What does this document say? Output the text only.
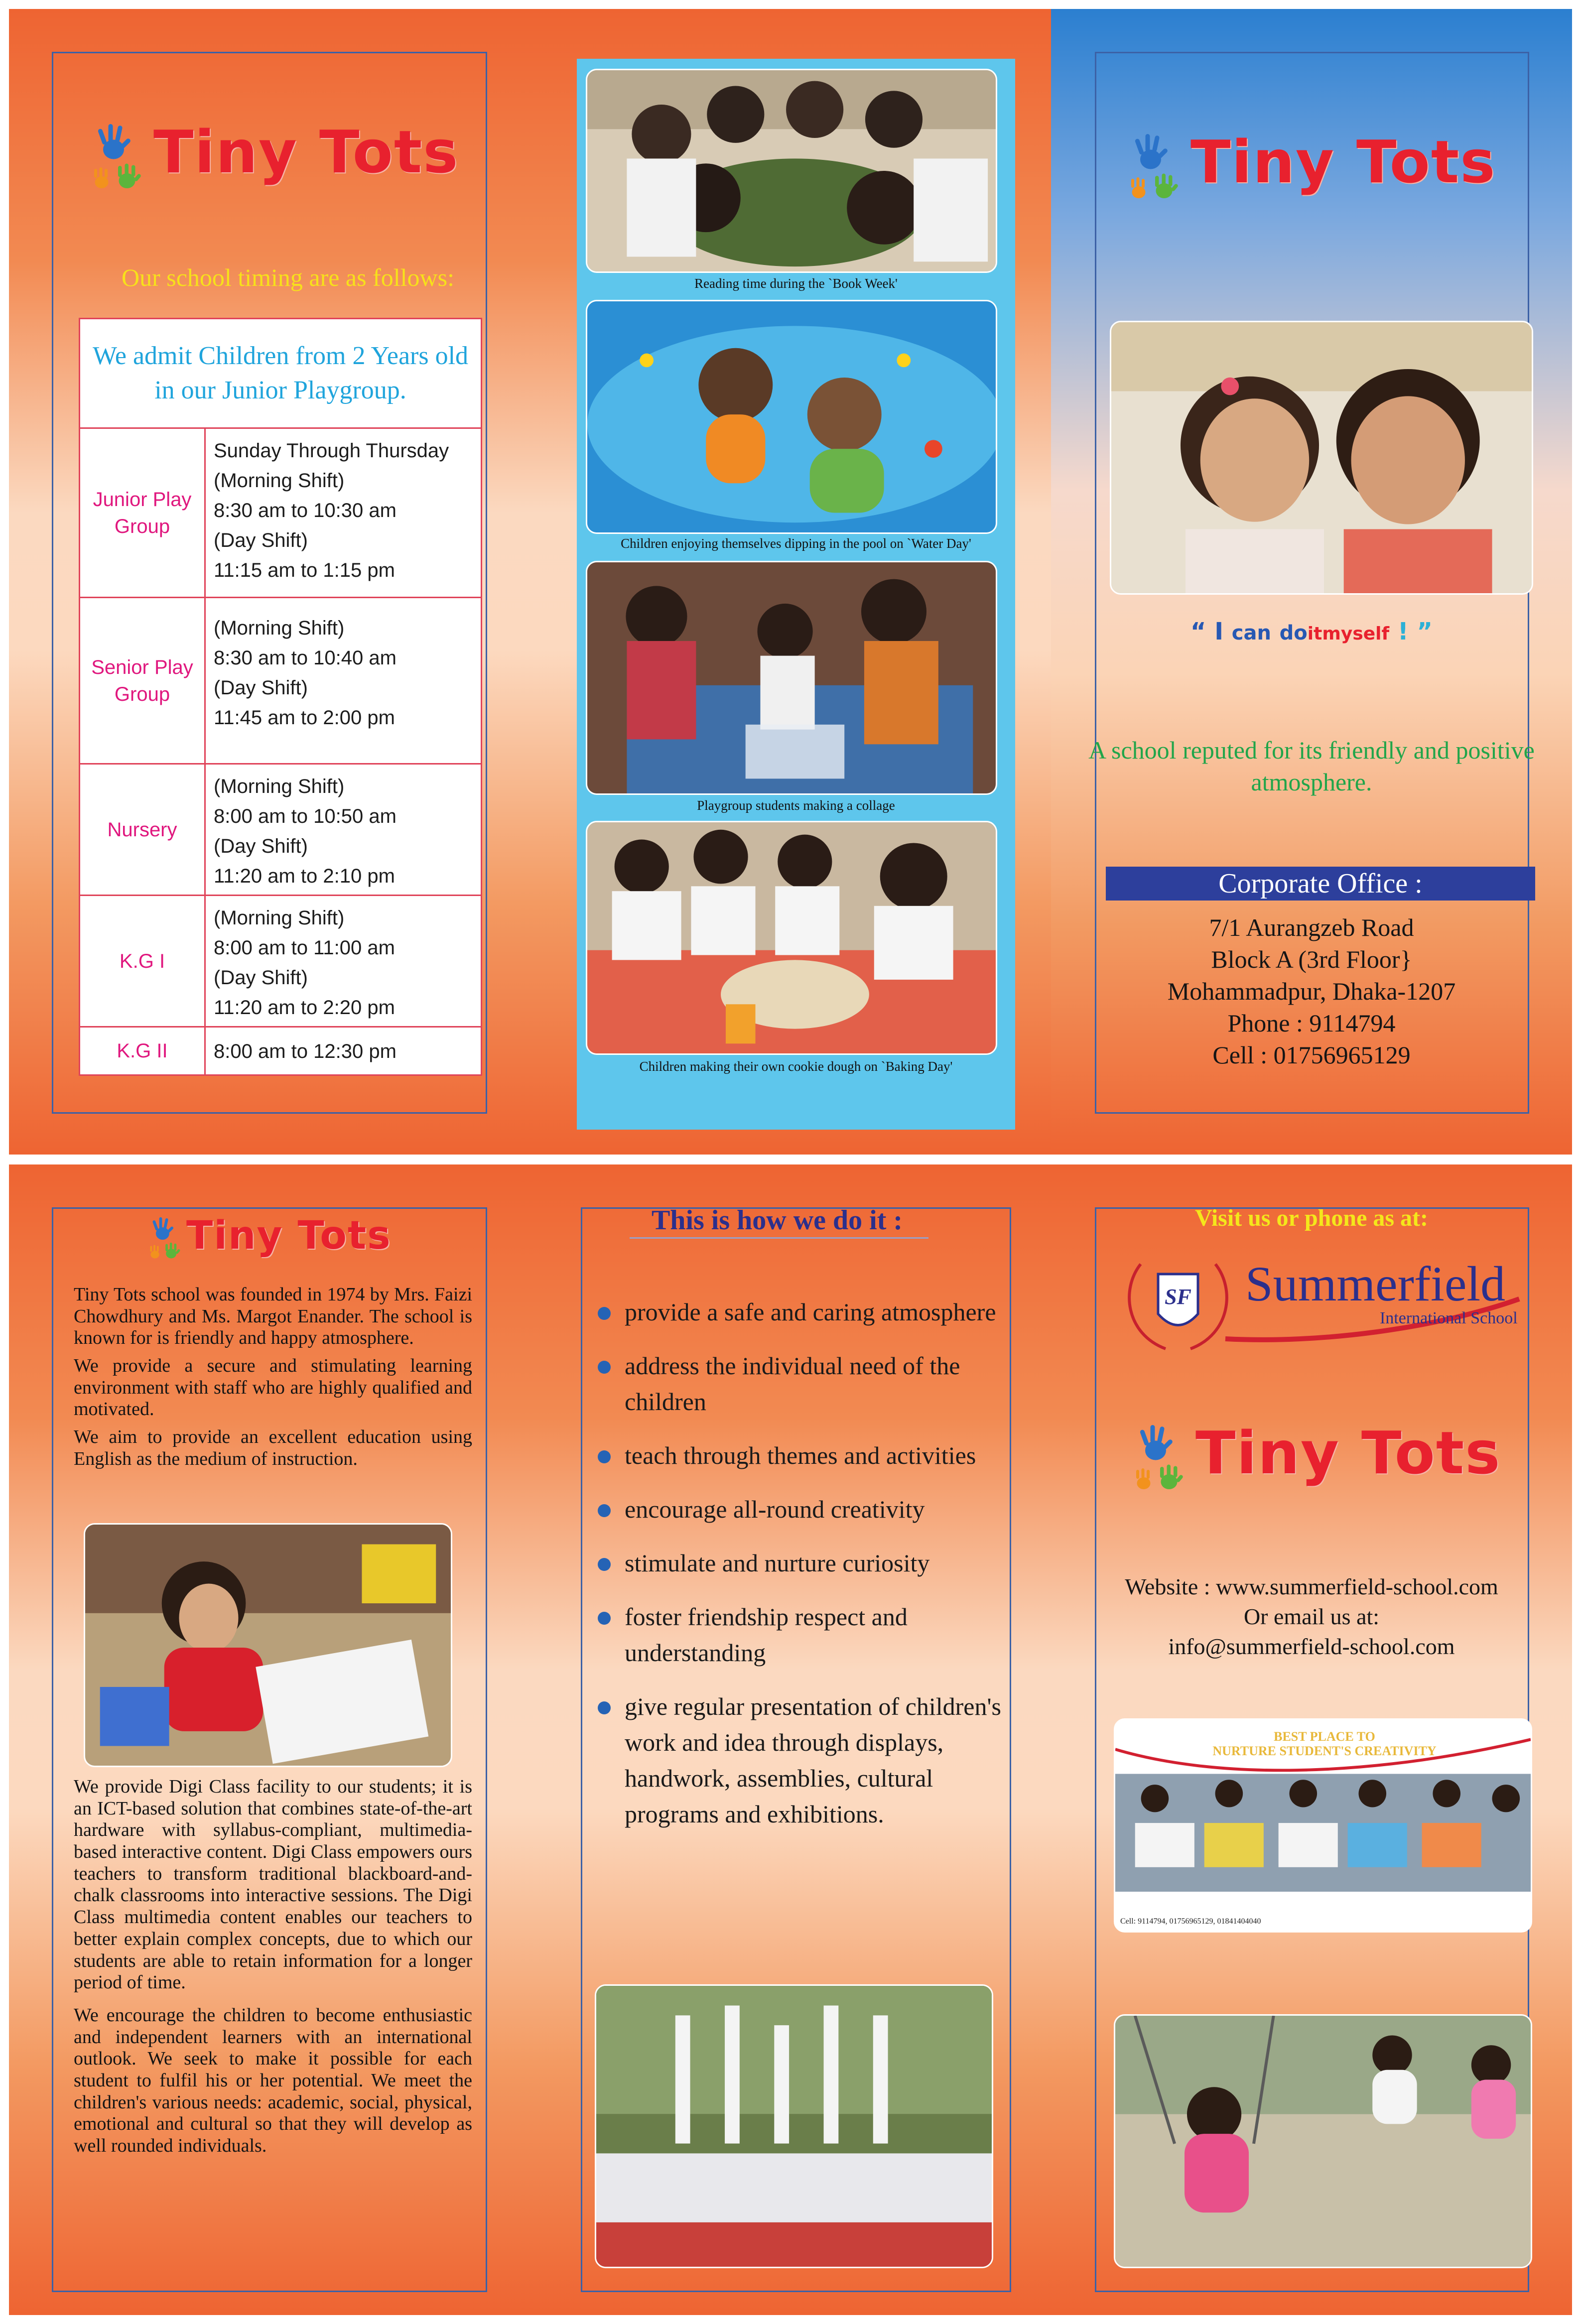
Tiny Tots
Our school timing are as follows:
We admit Children from 2 Years old in our Junior Playgroup.
Junior Play Group
Sunday Through Thursday
(Morning Shift)
8:30 am to 10:30 am
(Day Shift)
11:15 am to 1:15 pm
Senior Play Group
(Morning Shift)
8:30 am to 10:40 am
(Day Shift)
11:45 am to 2:00 pm
Nursery
(Morning Shift)
8:00 am to 10:50 am
(Day Shift)
11:20 am to 2:10 pm
K.G I
(Morning Shift)
8:00 am to 11:00 am
(Day Shift)
11:20 am to 2:20 pm
K.G II	8:00 am to 12:30 pm
Reading time during the `Book Week'
Children enjoying themselves dipping in the pool on `Water Day'
Playgroup students making a collage
Children making their own cookie dough on `Baking Day'
Tiny Tots
“ I can doitmyself ! ”
A school reputed for its friendly and positive atmosphere.
Corporate Office :
7/1 Aurangzeb Road
Block A (3rd Floor}
Mohammadpur, Dhaka-1207
Phone : 9114794
Cell : 01756965129
Tiny Tots

Tiny Tots school was founded in 1974 by Mrs. Faizi Chowdhury and Ms. Margot Enander. The school is known for is friendly and happy atmosphere.

We provide a secure and stimulating learning environment with staff who are highly qualified and motivated.

We aim to provide an excellent education using English as the medium of instruction.

We provide Digi Class facility to our students; it is an ICT-based solution that combines state-of-the-art hardware with syllabus-compliant, multimedia-based interactive content. Digi Class empowers ours teachers to transform traditional blackboard-and-chalk classrooms into interactive sessions. The Digi Class multimedia content enables our teachers to better explain complex concepts, due to which our students are able to retain information for a longer period of time.

We encourage the children to become enthusiastic and independent learners with an international outlook. We seek to make it possible for each student to fulfil his or her potential. We meet the children's various needs: academic, social, physical, emotional and cultural so that they will develop as well rounded individuals.

This is how we do it :
provide a safe and caring atmosphere
address the individual need of the children
teach through themes and activities
encourage all-round creativity
stimulate and nurture curiosity
foster friendship respect and understanding
give regular presentation of children's work and idea through displays, handwork, assemblies, cultural programs and exhibitions.
Visit us or phone as at:
SF Summerfield
International School
Tiny Tots
Website : www.summerfield-school.com
Or email us at:
info@summerfield-school.com
BEST PLACE TO
NURTURE STUDENT'S CREATIVITY
Cell: 9114794, 01756965129, 01841404040
